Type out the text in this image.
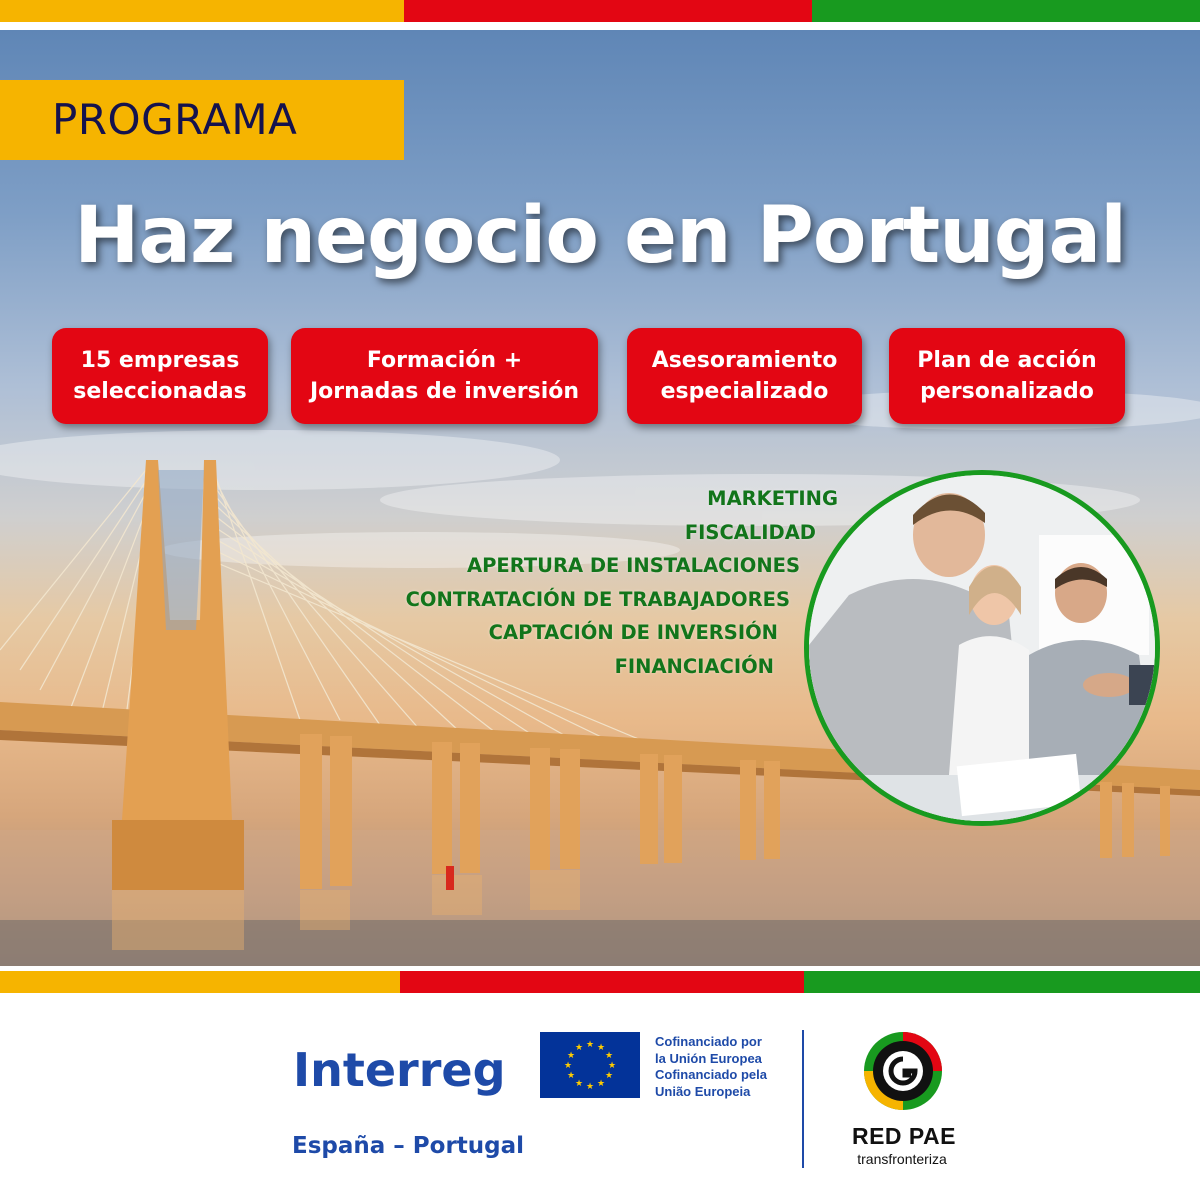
PROGRAMA
Haz negocio en Portugal
15 empresas
seleccionadas
Formación +
Jornadas de inversión
Asesoramiento
especializado
Plan de acción
personalizado
MARKETING
FISCALIDAD
APERTURA DE INSTALACIONES
CONTRATACIÓN DE TRABAJADORES
CAPTACIÓN DE INVERSIÓN
FINANCIACIÓN
Interreg
España – Portugal
★ ★
★
★
★
★
★
★
★
★
★
★	Cofinanciado por
la Unión Europea
Cofinanciado pela
União Europeia
RED PAE
transfronteriza
